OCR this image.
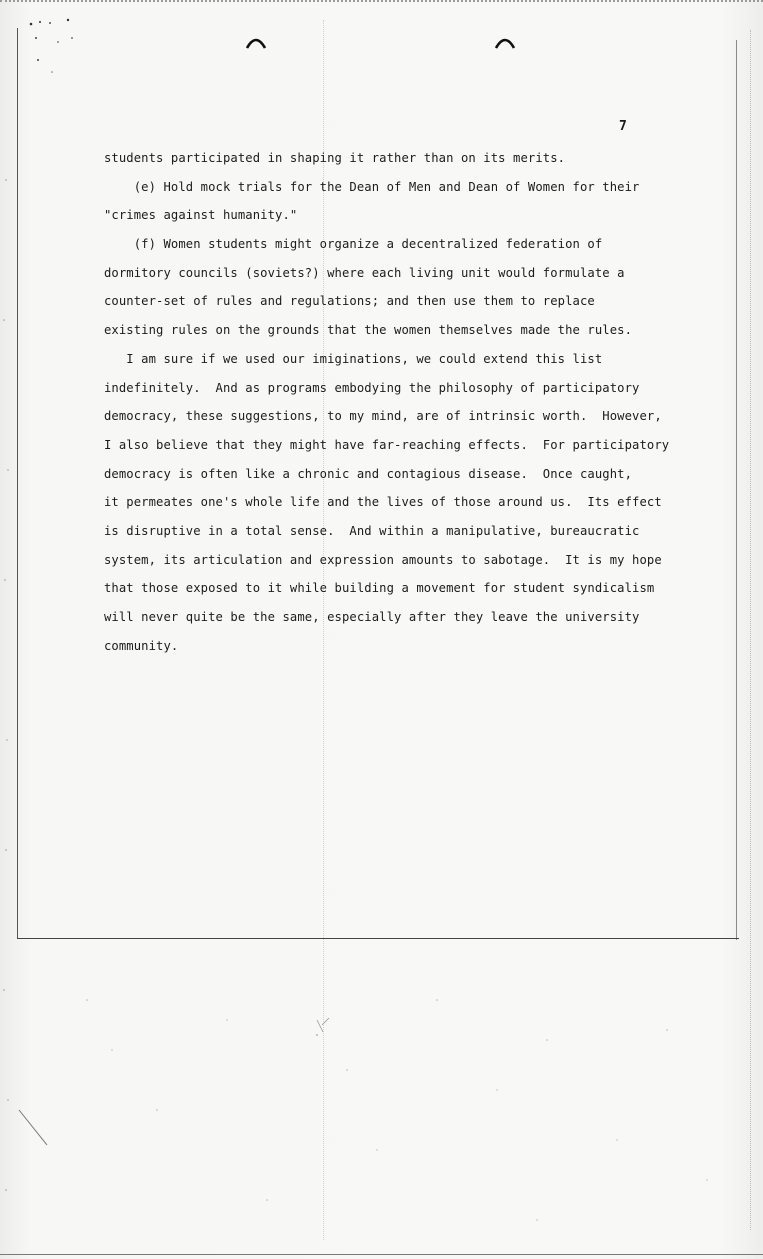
7
students participated in shaping it rather than on its merits.
(e) Hold mock trials for the Dean of Men and Dean of Women for their
"crimes against humanity."
(f) Women students might organize a decentralized federation of
dormitory councils (soviets?) where each living unit would formulate a
counter-set of rules and regulations; and then use them to replace
existing rules on the grounds that the women themselves made the rules.
I am sure if we used our imiginations, we could extend this list
indefinitely.  And as programs embodying the philosophy of participatory
democracy, these suggestions, to my mind, are of intrinsic worth.  However,
I also believe that they might have far-reaching effects.  For participatory
democracy is often like a chronic and contagious disease.  Once caught,
it permeates one's whole life and the lives of those around us.  Its effect
is disruptive in a total sense.  And within a manipulative, bureaucratic
system, its articulation and expression amounts to sabotage.  It is my hope
that those exposed to it while building a movement for student syndicalism
will never quite be the same, especially after they leave the university
community.
